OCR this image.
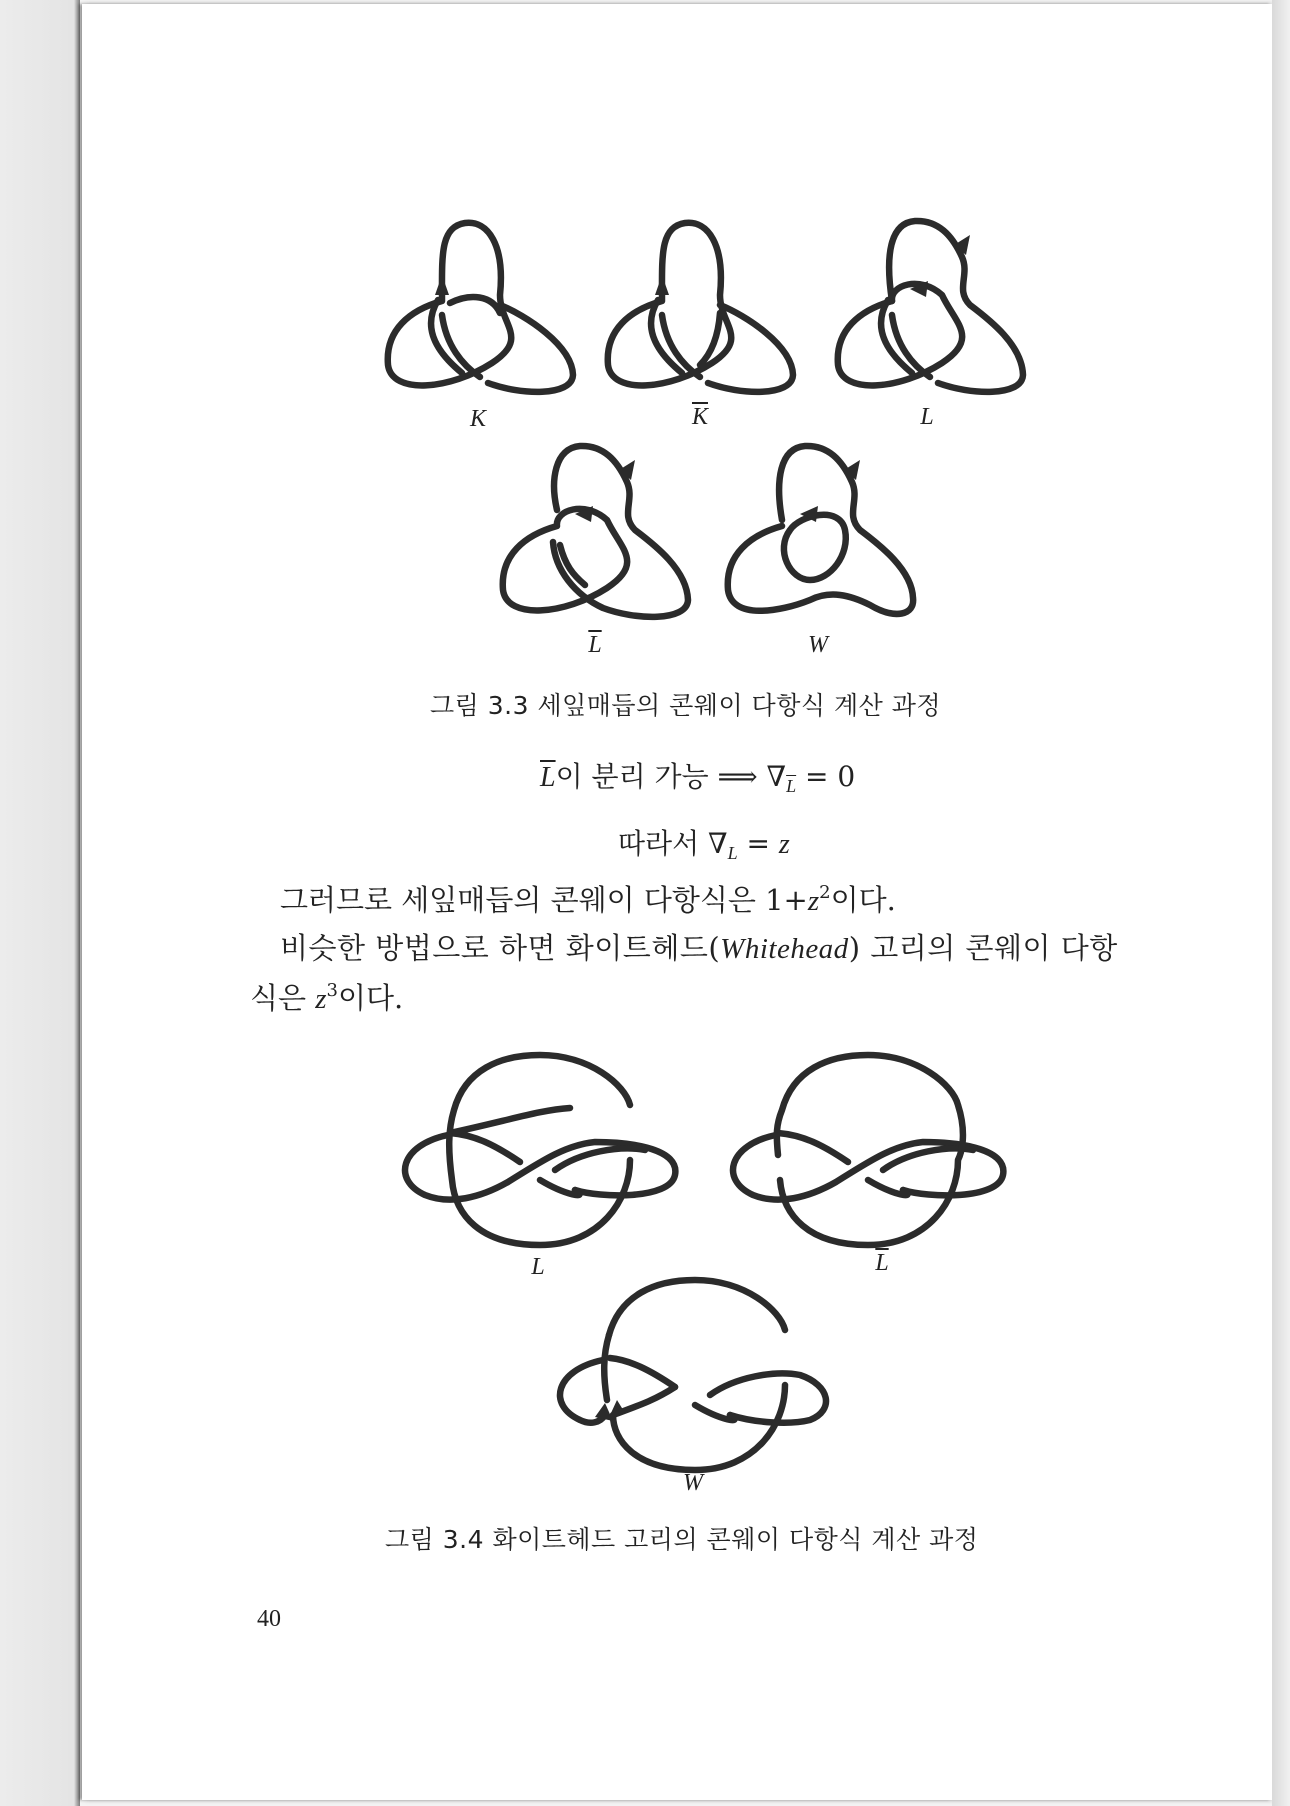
K	$\overline{K}$	L
$\overline{L}$	W
그림 3.3 세잎매듭의 콘웨이 다항식 계산 과정
$\overline{L}$이 분리 가능 ⟹ $\nabla_{\overline{L}} = 0$
따라서 $\nabla_L = z$
그러므로 세잎매듭의 콘웨이 다항식은 $1+z^2$이다.
비슷한 방법으로 하면 화이트헤드(Whitehead) 고리의 콘웨이 다항
식은 $z^3$이다.
L	$\overline{L}$
W
그림 3.4 화이트헤드 고리의 콘웨이 다항식 계산 과정
40
